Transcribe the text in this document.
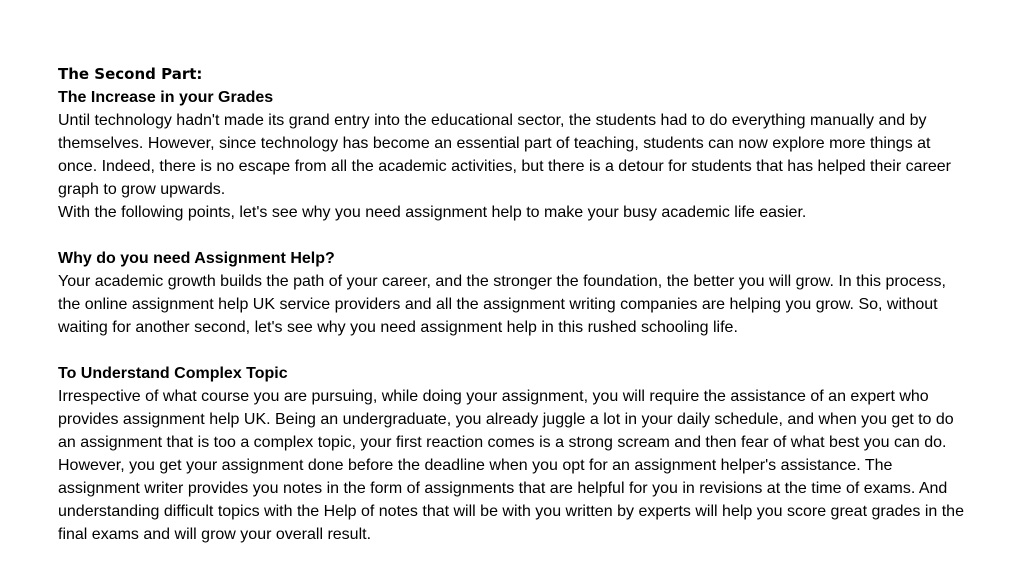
The Second Part:

The Increase in your Grades

Until technology hadn't made its grand entry into the educational sector, the students had to do everything manually and by themselves. However, since technology has become an essential part of teaching, students can now explore more things at once. Indeed, there is no escape from all the academic activities, but there is a detour for students that has helped their career graph to grow upwards.

With the following points, let's see why you need assignment help to make your busy academic life easier.

Why do you need Assignment Help?

Your academic growth builds the path of your career, and the stronger the foundation, the better you will grow. In this process, the online assignment help UK service providers and all the assignment writing companies are helping you grow. So, without waiting for another second, let's see why you need assignment help in this rushed schooling life.

To Understand Complex Topic

Irrespective of what course you are pursuing, while doing your assignment, you will require the assistance of an expert who provides assignment help UK. Being an undergraduate, you already juggle a lot in your daily schedule, and when you get to do an assignment that is too a complex topic, your first reaction comes is a strong scream and then fear of what best you can do. However, you get your assignment done before the deadline when you opt for an assignment helper's assistance. The assignment writer provides you notes in the form of assignments that are helpful for you in revisions at the time of exams. And understanding difficult topics with the Help of notes that will be with you written by experts will help you score great grades in the final exams and will grow your overall result.
